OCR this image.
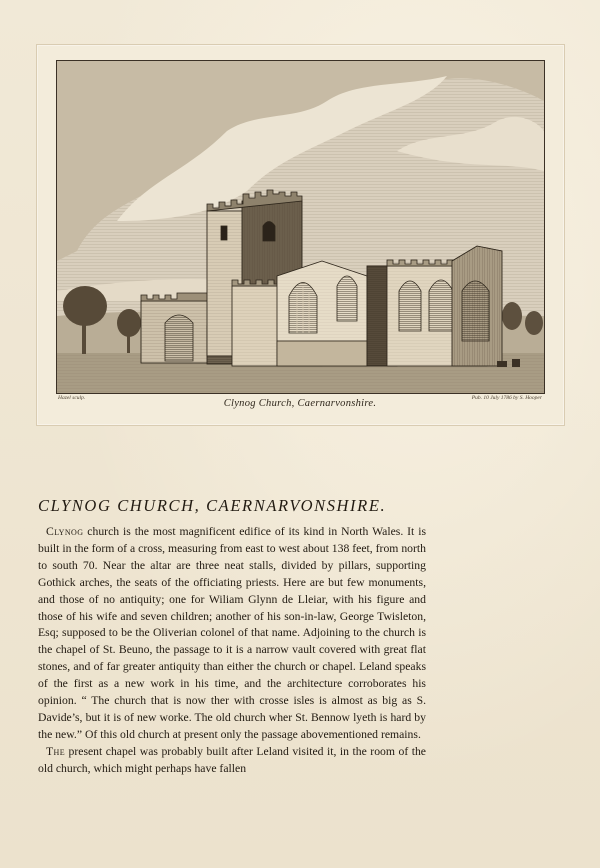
Hazel sculp.	Pub. 10 July 1786 by S. Hooper
Clynog Church, Caernarvonshire.
CLYNOG CHURCH, CAERNARVONSHIRE.

Clynog church is the most magnificent edifice of its kind in North Wales. It is built in the form of a cross, measuring from east to west about 138 feet, from north to south 70. Near the altar are three neat stalls, divided by pillars, supporting Gothick arches, the seats of the officiating priests. Here are but few monuments, and those of no antiquity; one for Wiliam Glynn de Lleiar, with his figure and those of his wife and seven children; another of his son-in-law, George Twisleton, Esq; supposed to be the Oliverian colonel of that name. Adjoining to the church is the chapel of St. Beuno, the passage to it is a narrow vault covered with great flat stones, and of far greater antiquity than either the church or chapel. Leland speaks of the first as a new work in his time, and the architecture corroborates his opinion. “ The church that is now ther with crosse isles is almost as big as S. Davide’s, but it is of new worke. The old church wher St. Bennow lyeth is hard by the new.” Of this old church at present only the passage abovementioned remains.

The present chapel was probably built after Leland visited it, in the room of the old church, which might perhaps have fallen
